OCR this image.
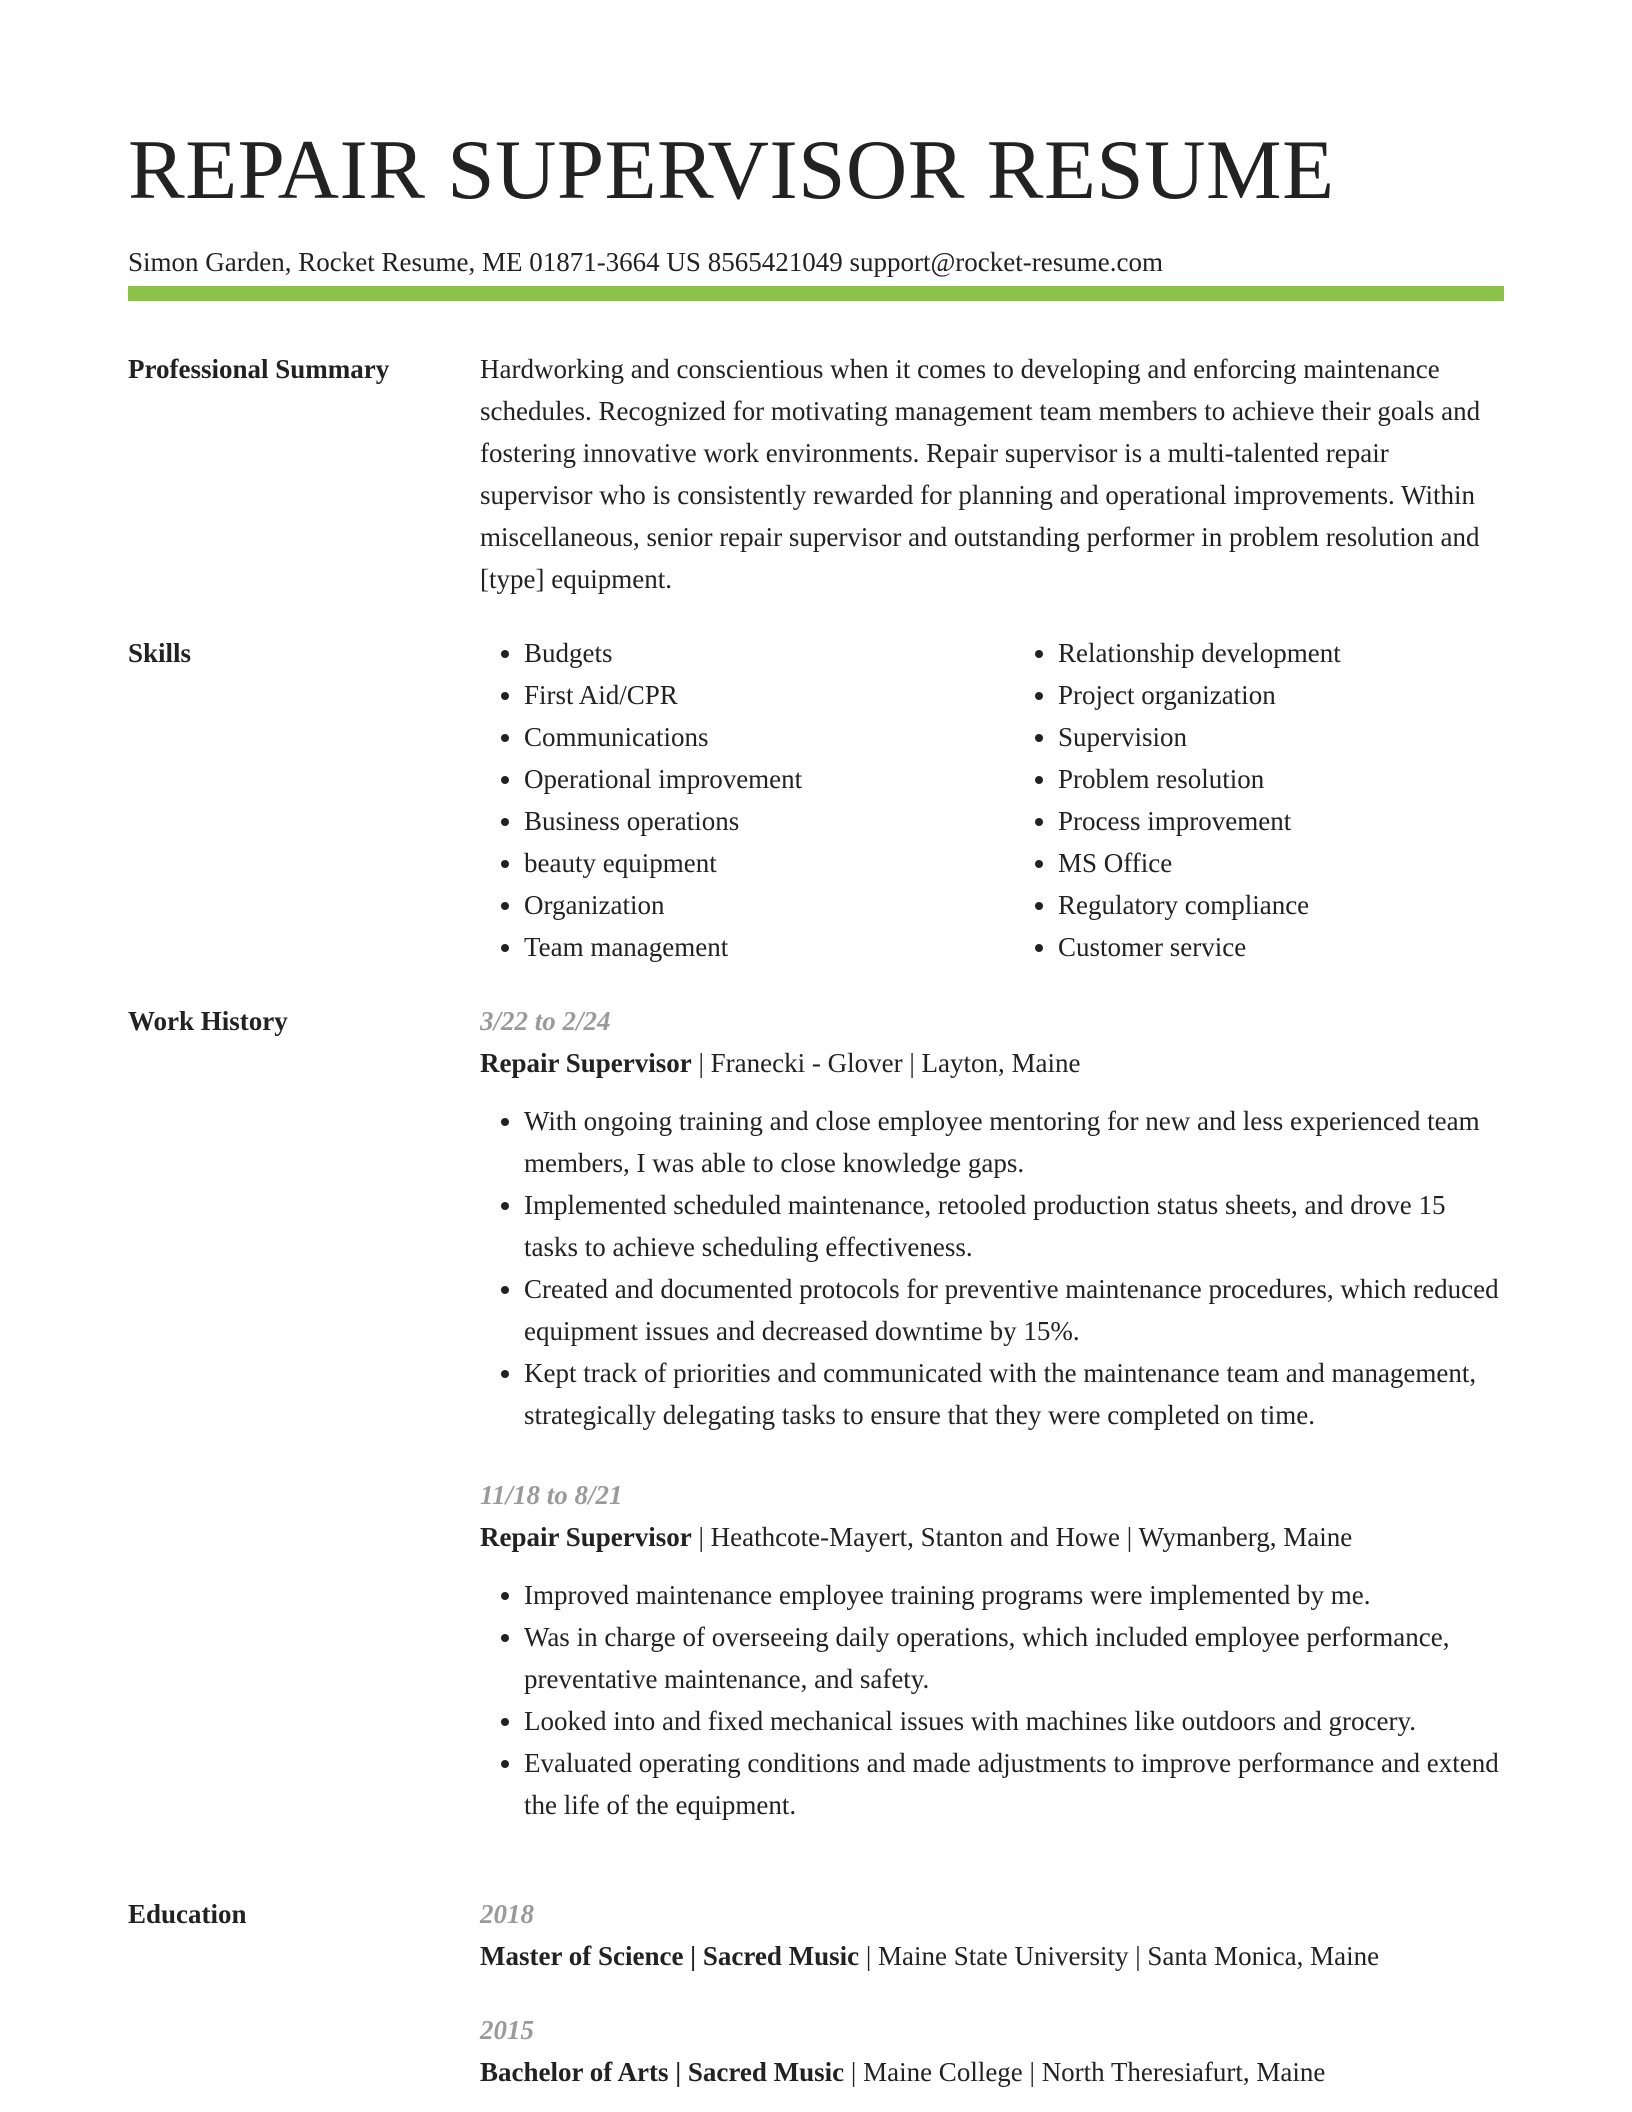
REPAIR SUPERVISOR RESUME
Simon Garden, Rocket Resume, ME 01871-3664 US 8565421049 support@rocket-resume.com
Professional Summary	Hardworking and conscientious when it comes to developing and enforcing maintenance schedules. Recognized for motivating management team members to achieve their goals and fostering innovative work environments. Repair supervisor is a multi-talented repair supervisor who is consistently rewarded for planning and operational improvements. Within miscellaneous, senior repair supervisor and outstanding performer in problem resolution and [type] equipment.

Skills
•	Budgets
• First Aid/CPR
• Communications
• Operational improvement
• Business operations
• beauty equipment
• Organization
• Team management
• Relationship development
• Project organization
• Supervision
• Problem resolution
• Process improvement
• MS Office
• Regulatory compliance
• Customer service
Work History	3/22 to 2/24
Repair Supervisor | Franecki - Glover | Layton, Maine
• With ongoing training and close employee mentoring for new and less experienced team members, I was able to close knowledge gaps.
• Implemented scheduled maintenance, retooled production status sheets, and drove 15 tasks to achieve scheduling effectiveness.
• Created and documented protocols for preventive maintenance procedures, which reduced equipment issues and decreased downtime by 15%.
• Kept track of priorities and communicated with the maintenance team and management, strategically delegating tasks to ensure that they were completed on time.
11/18 to 8/21
Repair Supervisor | Heathcote-Mayert, Stanton and Howe | Wymanberg, Maine
• Improved maintenance employee training programs were implemented by me.
• Was in charge of overseeing daily operations, which included employee performance, preventative maintenance, and safety.
• Looked into and fixed mechanical issues with machines like outdoors and grocery.
• Evaluated operating conditions and made adjustments to improve performance and extend the life of the equipment.
Education	2018
Master of Science | Sacred Music | Maine State University | Santa Monica, Maine
2015
Bachelor of Arts | Sacred Music | Maine College | North Theresiafurt, Maine
